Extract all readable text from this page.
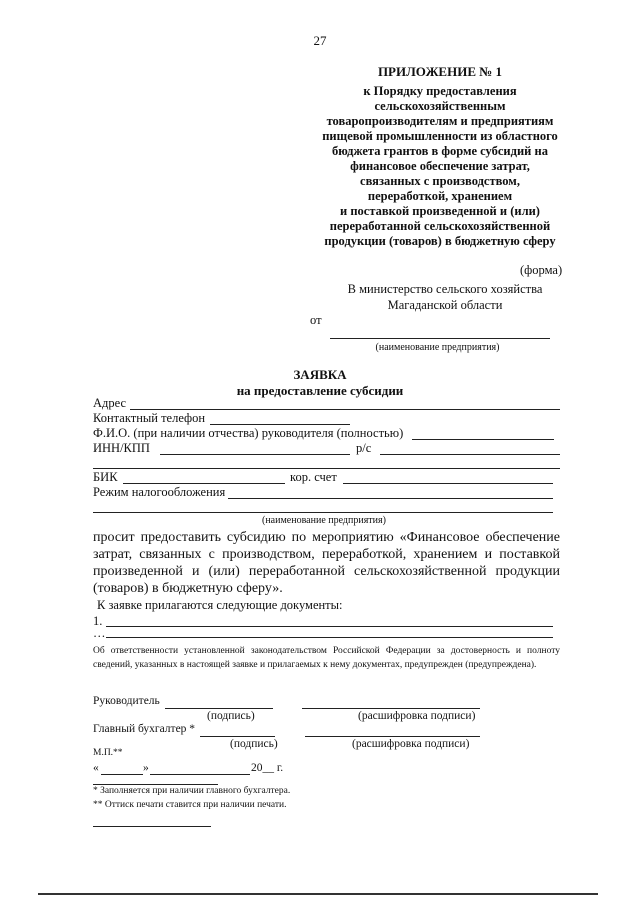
27
ПРИЛОЖЕНИЕ № 1
к Порядку предоставления
сельскохозяйственным
товаропроизводителям и предприятиям
пищевой промышленности из областного
бюджета грантов в форме субсидий на
финансовое обеспечение затрат,
связанных с производством,
переработкой, хранением
и поставкой произведенной и (или)
переработанной сельскохозяйственной
продукции (товаров) в бюджетную сферу
(форма)
В министерство сельского хозяйства
Магаданской области
от
(наименование предприятия)
ЗАЯВКА
на предоставление субсидии
Адрес
Контактный телефон
Ф.И.О. (при наличии отчества) руководителя (полностью)
ИНН/КПП	р/с
БИК	кор. счет
Режим налогообложения
(наименование предприятия)
просит предоставить субсидию по мероприятию «Финансовое обеспечение затрат, связанных с производством, переработкой, хранением и поставкой произведенной и (или) переработанной сельскохозяйственной продукции (товаров) в бюджетную сферу».
К заявке прилагаются следующие документы:
1.
…
Об ответственности установленной законодательством Российской Федерации за достоверность и полноту сведений, указанных в настоящей заявке и прилагаемых к нему документах, предупрежден (предупреждена).
Руководитель
(подпись)	(расшифровка подписи)
Главный бухгалтер *
(подпись)	(расшифровка подписи)
М.П.**
«	»	20__ г.
* Заполняется при наличии главного бухгалтера.
** Оттиск печати ставится при наличии печати.
